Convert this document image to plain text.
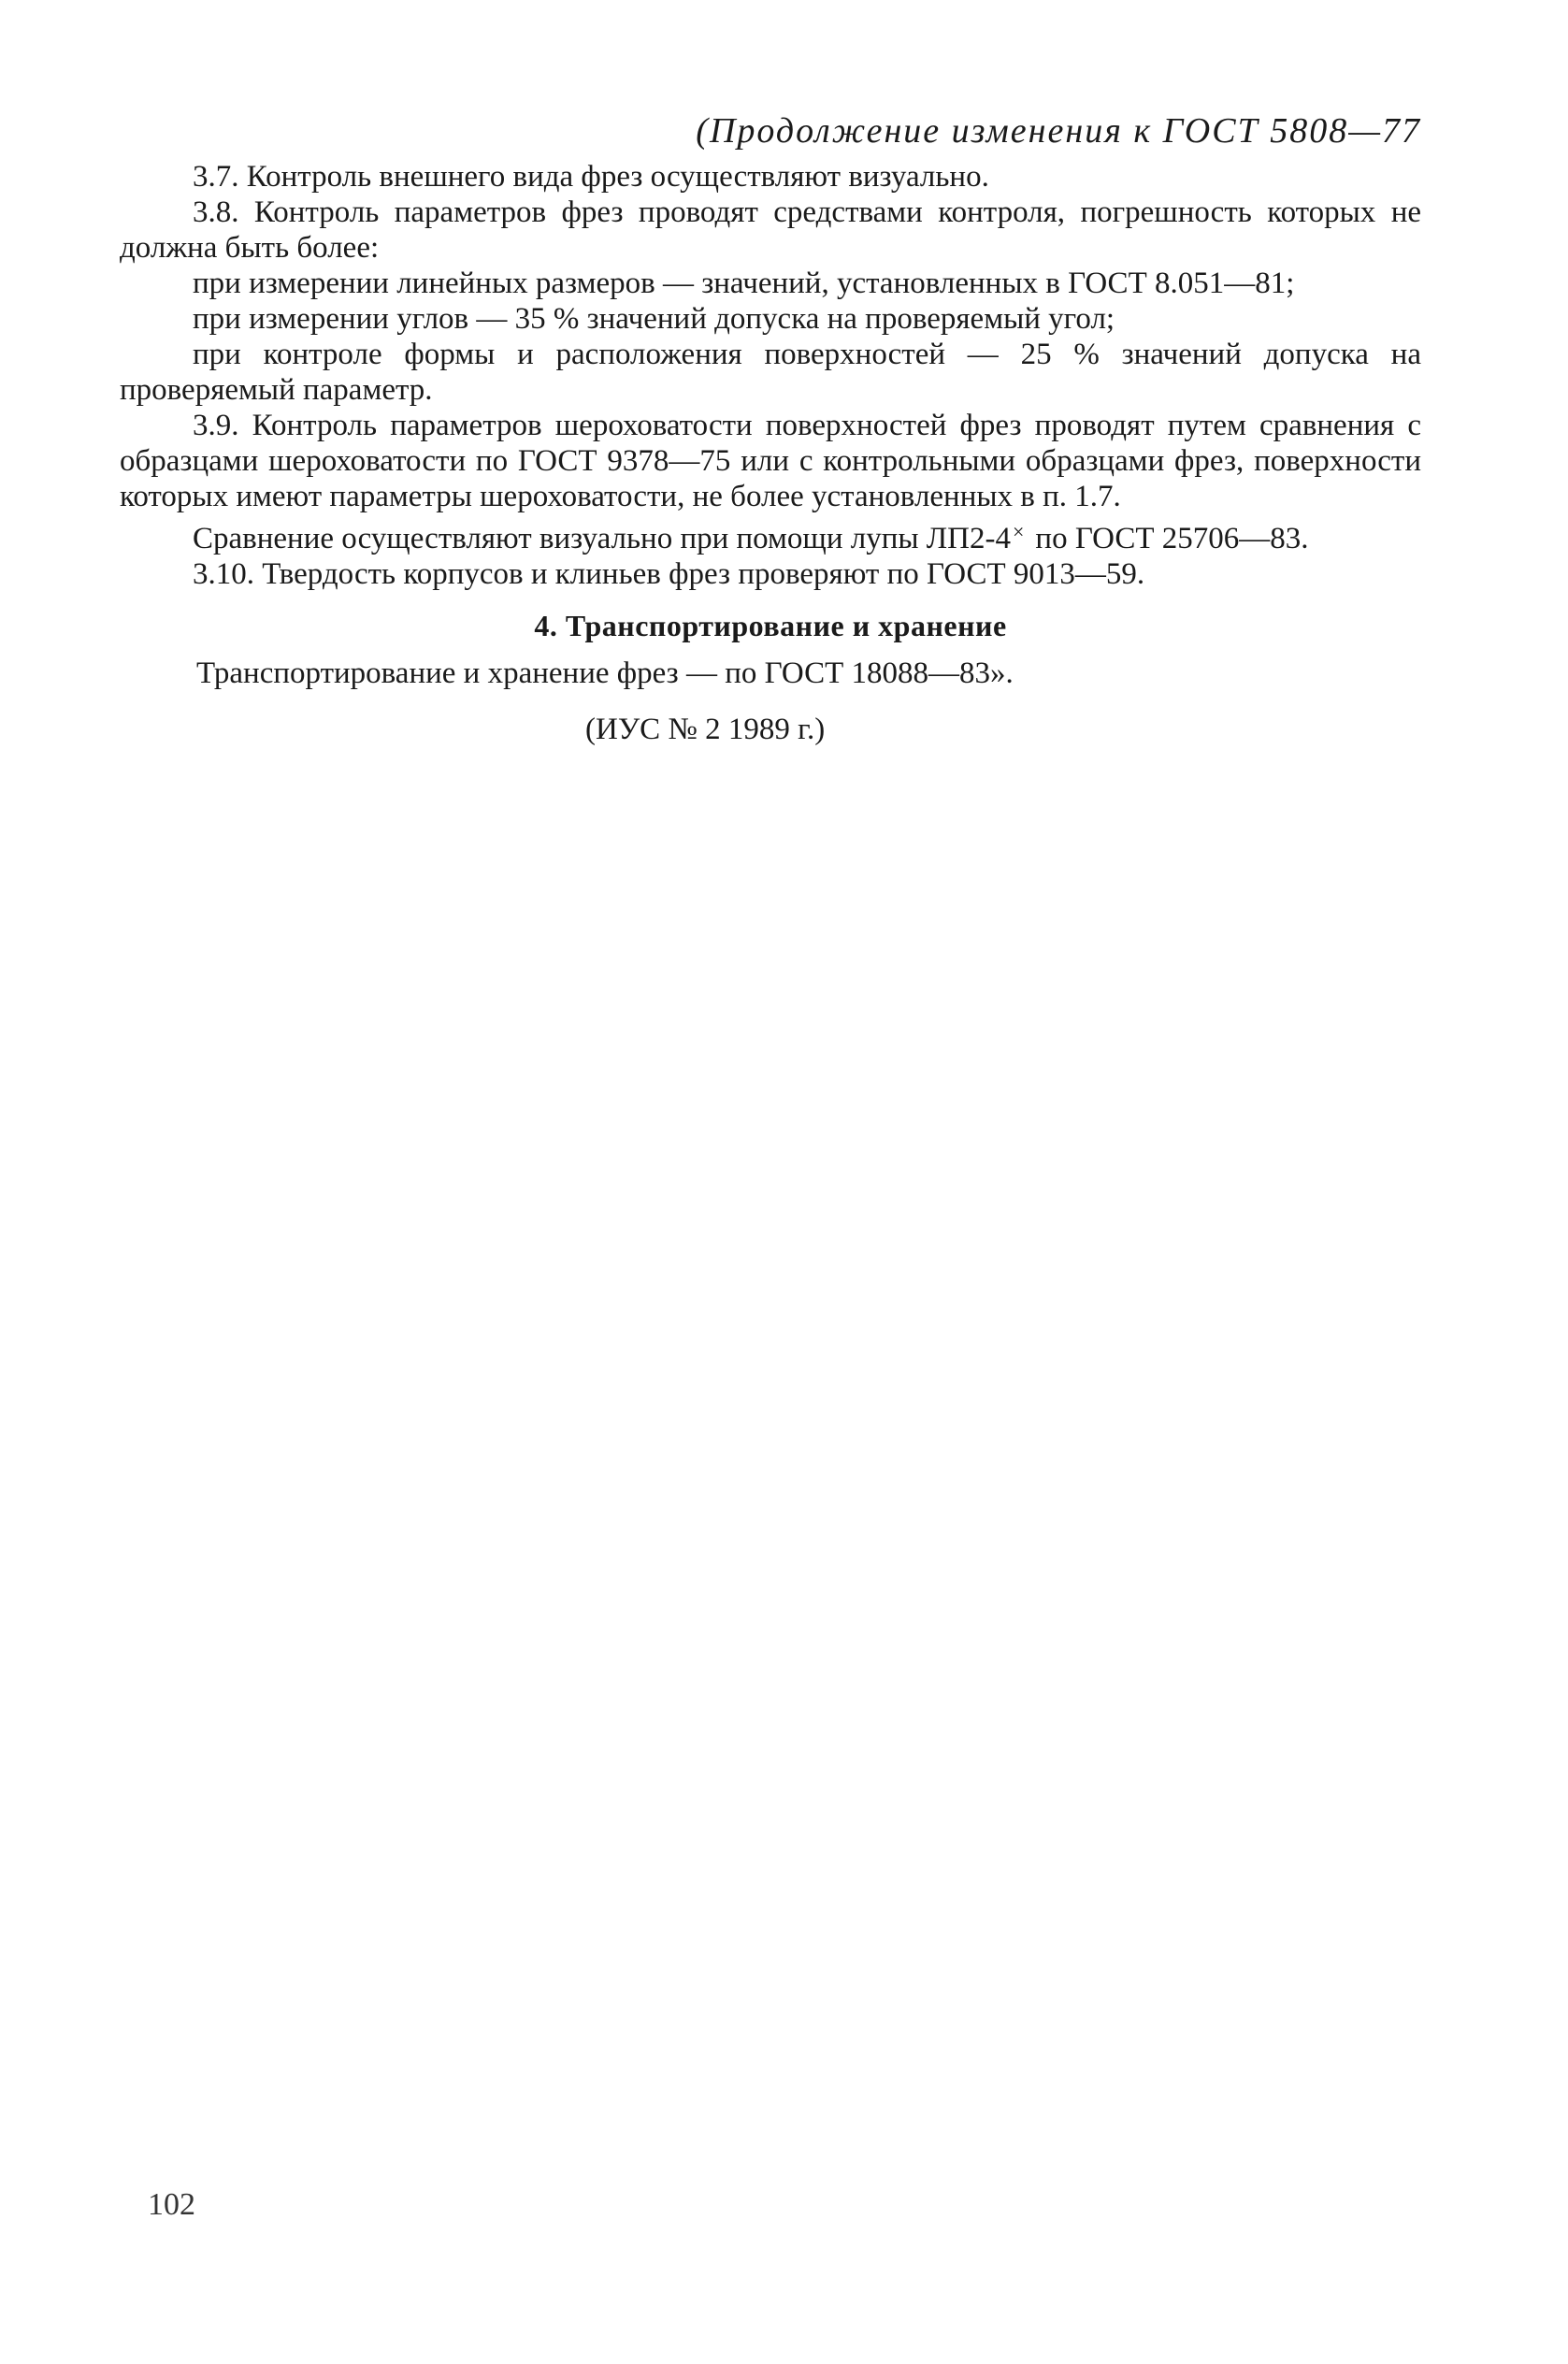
(Продолжение изменения к ГОСТ 5808—77

3.7. Контроль внешнего вида фрез осуществляют визуально.

3.8. Контроль параметров фрез проводят средствами контроля, погрешность которых не должна быть более:

при измерении линейных размеров — значений, установленных в ГОСТ 8.051—81;

при измерении углов — 35 % значений допуска на проверяемый угол;

при контроле формы и расположения поверхностей — 25 % значений допуска на проверяемый параметр.

3.9. Контроль параметров шероховатости поверхностей фрез проводят путем сравнения с образцами шероховатости по ГОСТ 9378—75 или с контрольными образцами фрез, поверхности которых имеют параметры шероховатости, не более установленных в п. 1.7.

Сравнение осуществляют визуально при помощи лупы ЛП2-4× по ГОСТ 25706—83.

3.10. Твердость корпусов и клиньев фрез проверяют по ГОСТ 9013—59.

4. Транспортирование и хранение

Транспортирование и хранение фрез — по ГОСТ 18088—83».

(ИУС № 2 1989 г.)

102
